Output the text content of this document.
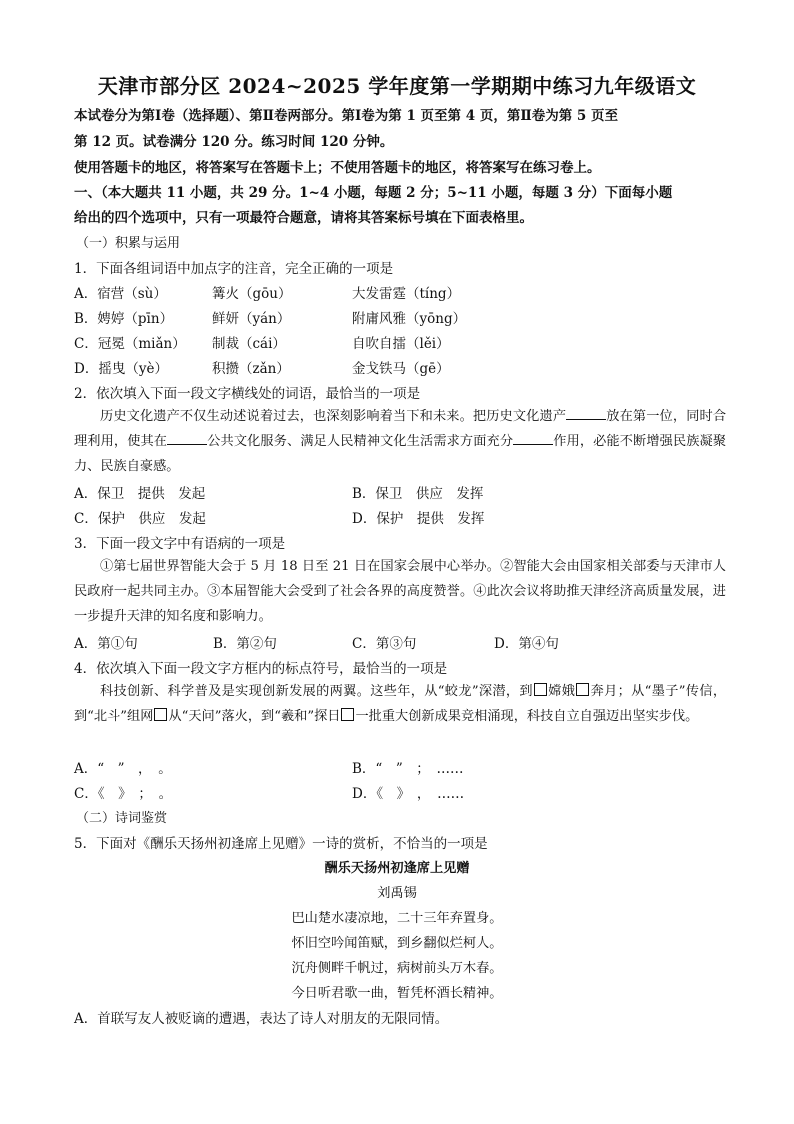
天津市部分区 2024~2025 学年度第一学期期中练习九年级语文
本试卷分为第Ⅰ卷（选择题）、第Ⅱ卷两部分。第Ⅰ卷为第 1 页至第 4 页，第Ⅱ卷为第 5 页至
第 12 页。试卷满分 120 分。练习时间 120 分钟。
使用答题卡的地区，将答案写在答题卡上；不使用答题卡的地区，将答案写在练习卷上。
一、（本大题共 11 小题，共 29 分。1~4 小题，每题 2 分；5~11 小题，每题 3 分）下面每小题
给出的四个选项中，只有一项最符合题意，请将其答案标号填在下面表格里。
（一）积累与运用
1．下面各组词语中加点字的注音，完全正确的一项是
A．宿营（sù）	篝火（gōu）	大发雷霆（tíng）
B．娉婷（pīn）	鲜妍（yán）	附庸风雅（yōng）
C．冠冕（miǎn） 制裁（cái）	自吹自擂（lěi）
D．摇曳（yè）	积攒（zǎn）	金戈铁马（gē）
2．依次填入下面一段文字横线处的词语，最恰当的一项是
历史文化遗产不仅生动述说着过去，也深刻影响着当下和未来。把历史文化遗产	放在第一位，同时合理利用，使其在	公共文化服务、满足人民精神文化生活需求方面充分	作用，必能不断增强民族凝聚力、民族自豪感。
A．保卫　提供　发起	B．保卫　供应　发挥
C．保护　供应　发起	D．保护　提供　发挥
3．下面一段文字中有语病的一项是
①第七届世界智能大会于 5 月 18 日至 21 日在国家会展中心举办。②智能大会由国家相关部委与天津市人民政府一起共同主办。③本届智能大会受到了社会各界的高度赞誉。④此次会议将助推天津经济高质量发展，进一步提升天津的知名度和影响力。
A．第①句	B．第②句	C．第③句	D．第④句
4．依次填入下面一段文字方框内的标点符号，最恰当的一项是
科技创新、科学普及是实现创新发展的两翼。这些年，从“蛟龙”深潜，到 嫦娥 奔月；从“墨子”传信，到“北斗”组网 从“天问”落火，到“羲和”探日 一批重大创新成果竞相涌现，科技自立自强迈出坚实步伐。
A．“　”　，　。	B．“　”　；　……
C．《　》　；　。	D．《　》　，　……
（二）诗词鉴赏
5．下面对《酬乐天扬州初逢席上见赠》一诗的赏析，不恰当的一项是
酬乐天扬州初逢席上见赠
刘禹锡
巴山楚水凄凉地，二十三年弃置身。
怀旧空吟闻笛赋，到乡翻似烂柯人。
沉舟侧畔千帆过，病树前头万木春。
今日听君歌一曲，暂凭杯酒长精神。
A．首联写友人被贬谪的遭遇，表达了诗人对朋友的无限同情。
